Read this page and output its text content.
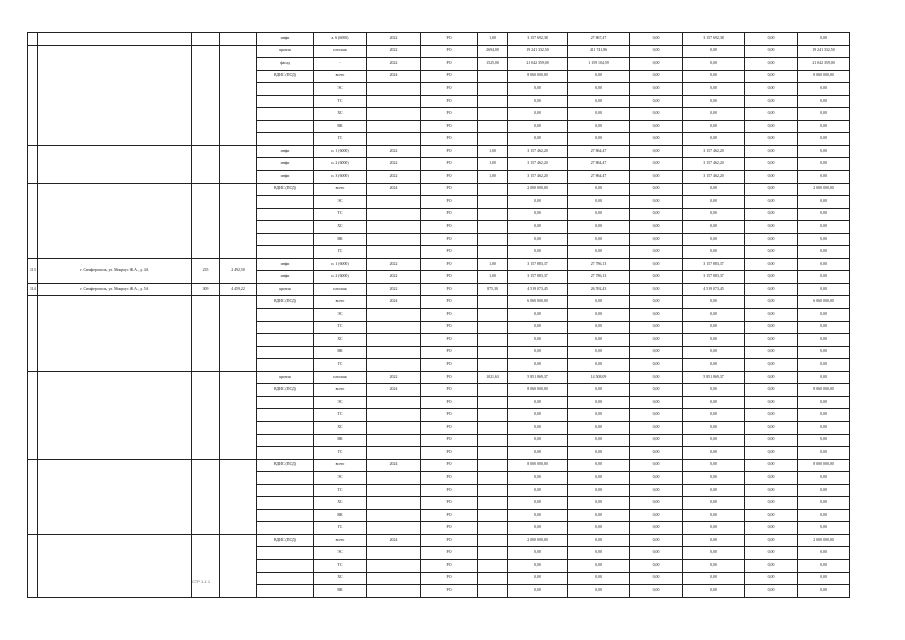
				инфи	а. 6 (6000)	2022	РО	1,00	3 157 692,38	27 867,47	0,00	3 157 692,38	0,00	0,00
				кровля	плоская	2022	РО	2694,00	19 241 332,50	411 741,86	0,00	0,00	0,00	19 241 332,50
				фасад	-	2022	РО	1525,00	21 042 359,00	1 159 104,59	0,00	0,00	0,00	21 042 359,00
				ВДИС (ПСД)	всего	2024	РО		8 060 000,00	0,00	0,00	0,00	0,00	8 060 000,00
					ЭС		РО		0,00	0,00	0,00	0,00	0,00	0,00
					ТС		РО		0,00	0,00	0,00	0,00	0,00	0,00
					ХС		РО		0,00	0,00	0,00	0,00	0,00	0,00
					ВК		РО		0,00	0,00	0,00	0,00	0,00	0,00
					ГС		РО		0,00	0,00	0,00	0,00	0,00	0,00
				инфи	п. 1 (6000)	2022	РО	1,00	3 157 462,20	27 864,47	0,00	3 157 462,20	0,00	0,00
				инфи	п. 2 (6000)	2022	РО	1,00	3 157 462,20	27 864,47	0,00	3 157 462,20	0,00	0,00
				инфи	п. 3 (6000)	2022	РО	1,00	3 157 462,20	27 864,47	0,00	3 157 462,20	0,00	0,00
				ВДИС (ПСД)	всего	2024	РО		2 000 000,00	0,00	0,00	0,00	0,00	2 000 000,00
					ЭС		РО		0,00	0,00	0,00	0,00	0,00	0,00
					ТС		РО		0,00	0,00	0,00	0,00	0,00	0,00
					ХС		РО		0,00	0,00	0,00	0,00	0,00	0,00
					ВК		РО		0,00	0,00	0,00	0,00	0,00	0,00
					ГС		РО		0,00	0,00	0,00	0,00	0,00	0,00
113	г. Симферополь, ул. Мокроус Ж.А., д. 4А	235	2 492,50	инфи	п. 1 (6000)	2022	РО	1,00	3 157 883,37	27 786,13	0,00	3 157 883,37	0,00	0,00
				инфи	п. 2 (6000)	2022	РО	1,00	3 157 883,37	27 786,13	0,00	3 157 883,37	0,00	0,00
114	г. Симферополь, ул. Мокроус Ж.А., д. 5А	309	4 459,22	кровля	плоская	2022	РО	875,30	4 519 073,45	26 592,43	0,00	4 519 073,45	0,00	0,00
				ВДИС (ПСД)	всего	2024	РО		6 060 000,00	0,00	0,00	0,00	0,00	6 060 000,00
					ЭС		РО		0,00	0,00	0,00	0,00	0,00	0,00
					ТС		РО		0,00	0,00	0,00	0,00	0,00	0,00
					ХС		РО		0,00	0,00	0,00	0,00	0,00	0,00
					ВК		РО		0,00	0,00	0,00	0,00	0,00	0,00
					ГС		РО		0,00	0,00	0,00	0,00	0,00	0,00
				кровля	плоская	2022	РО	1021,63	5 851 869,37	14 508,09	0,00	5 851 869,37	0,00	0,00
				ВДИС (ПСД)	всего	2024	РО		8 060 000,00	0,00	0,00	0,00	0,00	8 060 000,00
					ЭС		РО		0,00	0,00	0,00	0,00	0,00	0,00
					ТС		РО		0,00	0,00	0,00	0,00	0,00	0,00
					ХС		РО		0,00	0,00	0,00	0,00	0,00	0,00
					ВК		РО		0,00	0,00	0,00	0,00	0,00	0,00
					ГС		РО		0,00	0,00	0,00	0,00	0,00	0,00
				ВДИС (ПСД)	всего	2024	РО		8 000 000,00	0,00	0,00	0,00	0,00	8 000 000,00
					ЭС		РО		0,00	0,00	0,00	0,00	0,00	0,00
					ТС		РО		0,00	0,00	0,00	0,00	0,00	0,00
					ХС		РО		0,00	0,00	0,00	0,00	0,00	0,00
					ВК		РО		0,00	0,00	0,00	0,00	0,00	0,00
					ГС		РО		0,00	0,00	0,00	0,00	0,00	0,00
				ВДИС (ПСД)	всего	2024	РО		2 000 000,00	0,00	0,00	0,00	0,00	2 000 000,00
					ЭС		РО		0,00	0,00	0,00	0,00	0,00	0,00
					ТС		РО		0,00	0,00	0,00	0,00	0,00	0,00
					ХС		РО		0,00	0,00	0,00	0,00	0,00	0,00
					ВК		РО		0,00	0,00	0,00	0,00	0,00	0,00
СТР 1-1 1
